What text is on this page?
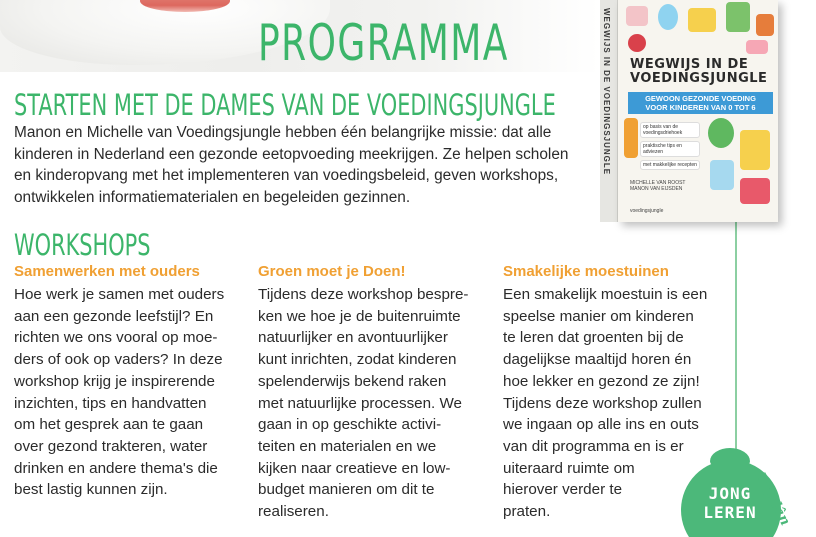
PROGRAMMA
STARTEN MET DE DAMES VAN DE VOEDINGSJUNGLE
Manon en Michelle van Voedingsjungle hebben één belangrijke missie: dat alle
kinderen in Nederland een gezonde eetopvoeding meekrijgen. Ze helpen scholen
en kinderopvang met het implementeren van voedingsbeleid, geven workshops,
ontwikkelen informatiematerialen en begeleiden gezinnen.
WORKSHOPS
Samenwerken met ouders

Hoe werk je samen met ouders
aan een gezonde leefstijl? En
richten we ons vooral op moe-
ders of ook op vaders? In deze
workshop krijg je inspirerende
inzichten, tips en handvatten
om het gesprek aan te gaan
over gezond trakteren, water
drinken en andere thema's die
best lastig kunnen zijn.

Groen moet je Doen!

Tijdens deze workshop bespre-
ken we hoe je de buitenruimte
natuurlijker en avontuurlijker
kunt inrichten, zodat kinderen
spelenderwijs bekend raken
met natuurlijke processen. We
gaan in op geschikte activi-
teiten en materialen en we
kijken naar creatieve en low-
budget manieren om dit te
realiseren.

Smakelijke moestuinen

Een smakelijk moestuin is een
speelse manier om kinderen
te leren dat groenten bij de
dagelijkse maaltijd horen én
hoe lekker en gezond ze zijn!
Tijdens deze workshop zullen
we ingaan op alle ins en outs
van dit programma en is er
uiteraard ruimte om
hierover verder te
praten.

WEGWIJS IN DE VOEDINGSJUNGLE WEGWIJS IN DE
VOEDINGSJUNGLE
GEWOON GEZONDE VOEDING
VOOR KINDEREN VAN 0 TOT 6
op basis van de voedingsdriehoek
praktische tips en adviezen
met makkelijke recepten
MICHELLE VAN ROOST
MANON VAN EIJSDEN
voedingsjungle
JONG
LEREN
Fryslân
